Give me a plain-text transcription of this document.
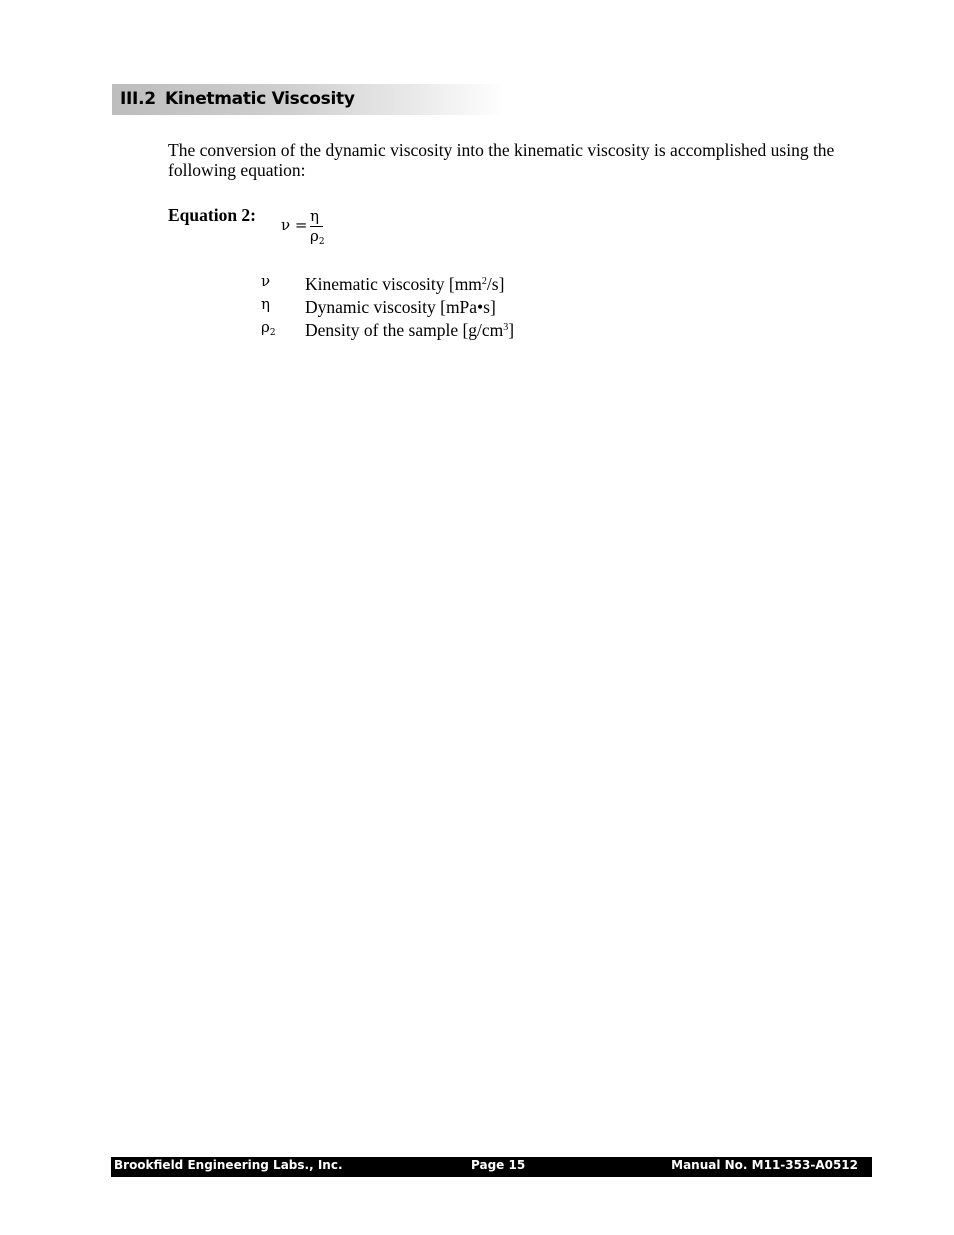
III.2 Kinetmatic Viscosity
The conversion of the dynamic viscosity into the kinematic viscosity is accomplished using the following equation:
Equation 2: ν = η
$\rho_2$
ν Kinematic viscosity $[mm^2/s]$
η Dynamic viscosity [mPa•s]
$\rho_2$ Density of the sample $[g/cm^3]$
Brookfield Engineering Labs., Inc.	Page 15	Manual No. M11-353-A0512
